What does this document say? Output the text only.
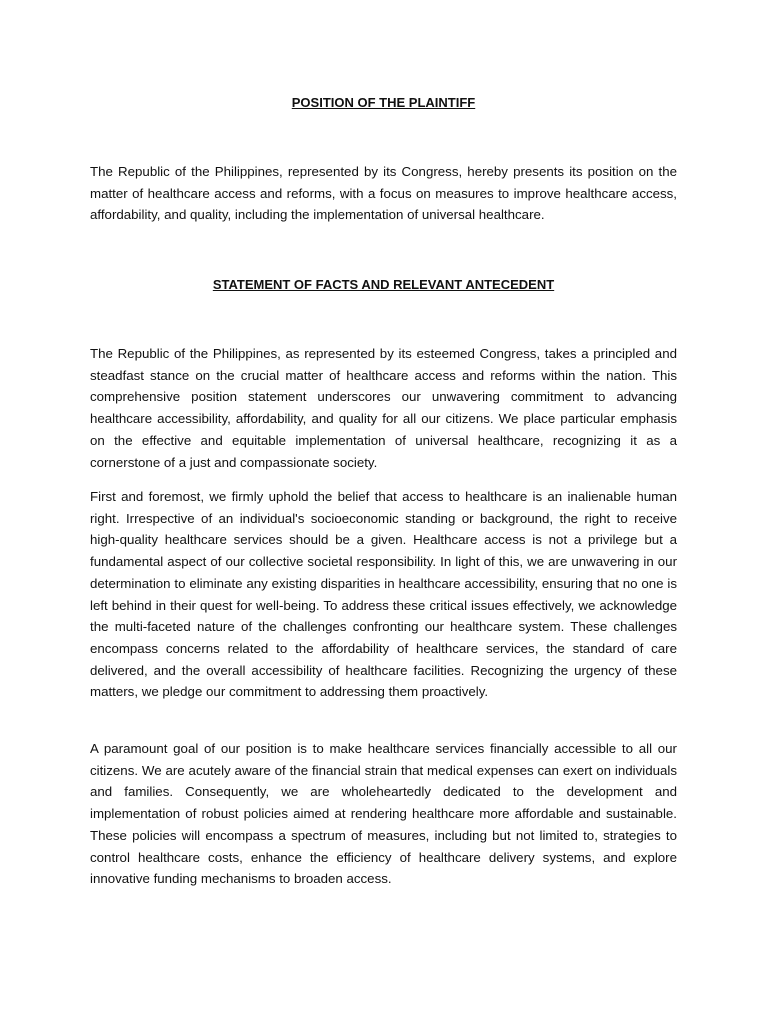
POSITION OF THE PLAINTIFF

The Republic of the Philippines, represented by its Congress, hereby presents its position on the matter of healthcare access and reforms, with a focus on measures to improve healthcare access, affordability, and quality, including the implementation of universal healthcare.

STATEMENT OF FACTS AND RELEVANT ANTECEDENT

The Republic of the Philippines, as represented by its esteemed Congress, takes a principled and steadfast stance on the crucial matter of healthcare access and reforms within the nation. This comprehensive position statement underscores our unwavering commitment to advancing healthcare accessibility, affordability, and quality for all our citizens. We place particular emphasis on the effective and equitable implementation of universal healthcare, recognizing it as a cornerstone of a just and compassionate society.

First and foremost, we firmly uphold the belief that access to healthcare is an inalienable human right. Irrespective of an individual's socioeconomic standing or background, the right to receive high-quality healthcare services should be a given. Healthcare access is not a privilege but a fundamental aspect of our collective societal responsibility. In light of this, we are unwavering in our determination to eliminate any existing disparities in healthcare accessibility, ensuring that no one is left behind in their quest for well-being. To address these critical issues effectively, we acknowledge the multi-faceted nature of the challenges confronting our healthcare system. These challenges encompass concerns related to the affordability of healthcare services, the standard of care delivered, and the overall accessibility of healthcare facilities. Recognizing the urgency of these matters, we pledge our commitment to addressing them proactively.

A paramount goal of our position is to make healthcare services financially accessible to all our citizens. We are acutely aware of the financial strain that medical expenses can exert on individuals and families. Consequently, we are wholeheartedly dedicated to the development and implementation of robust policies aimed at rendering healthcare more affordable and sustainable. These policies will encompass a spectrum of measures, including but not limited to, strategies to control healthcare costs, enhance the efficiency of healthcare delivery systems, and explore innovative funding mechanisms to broaden access.
